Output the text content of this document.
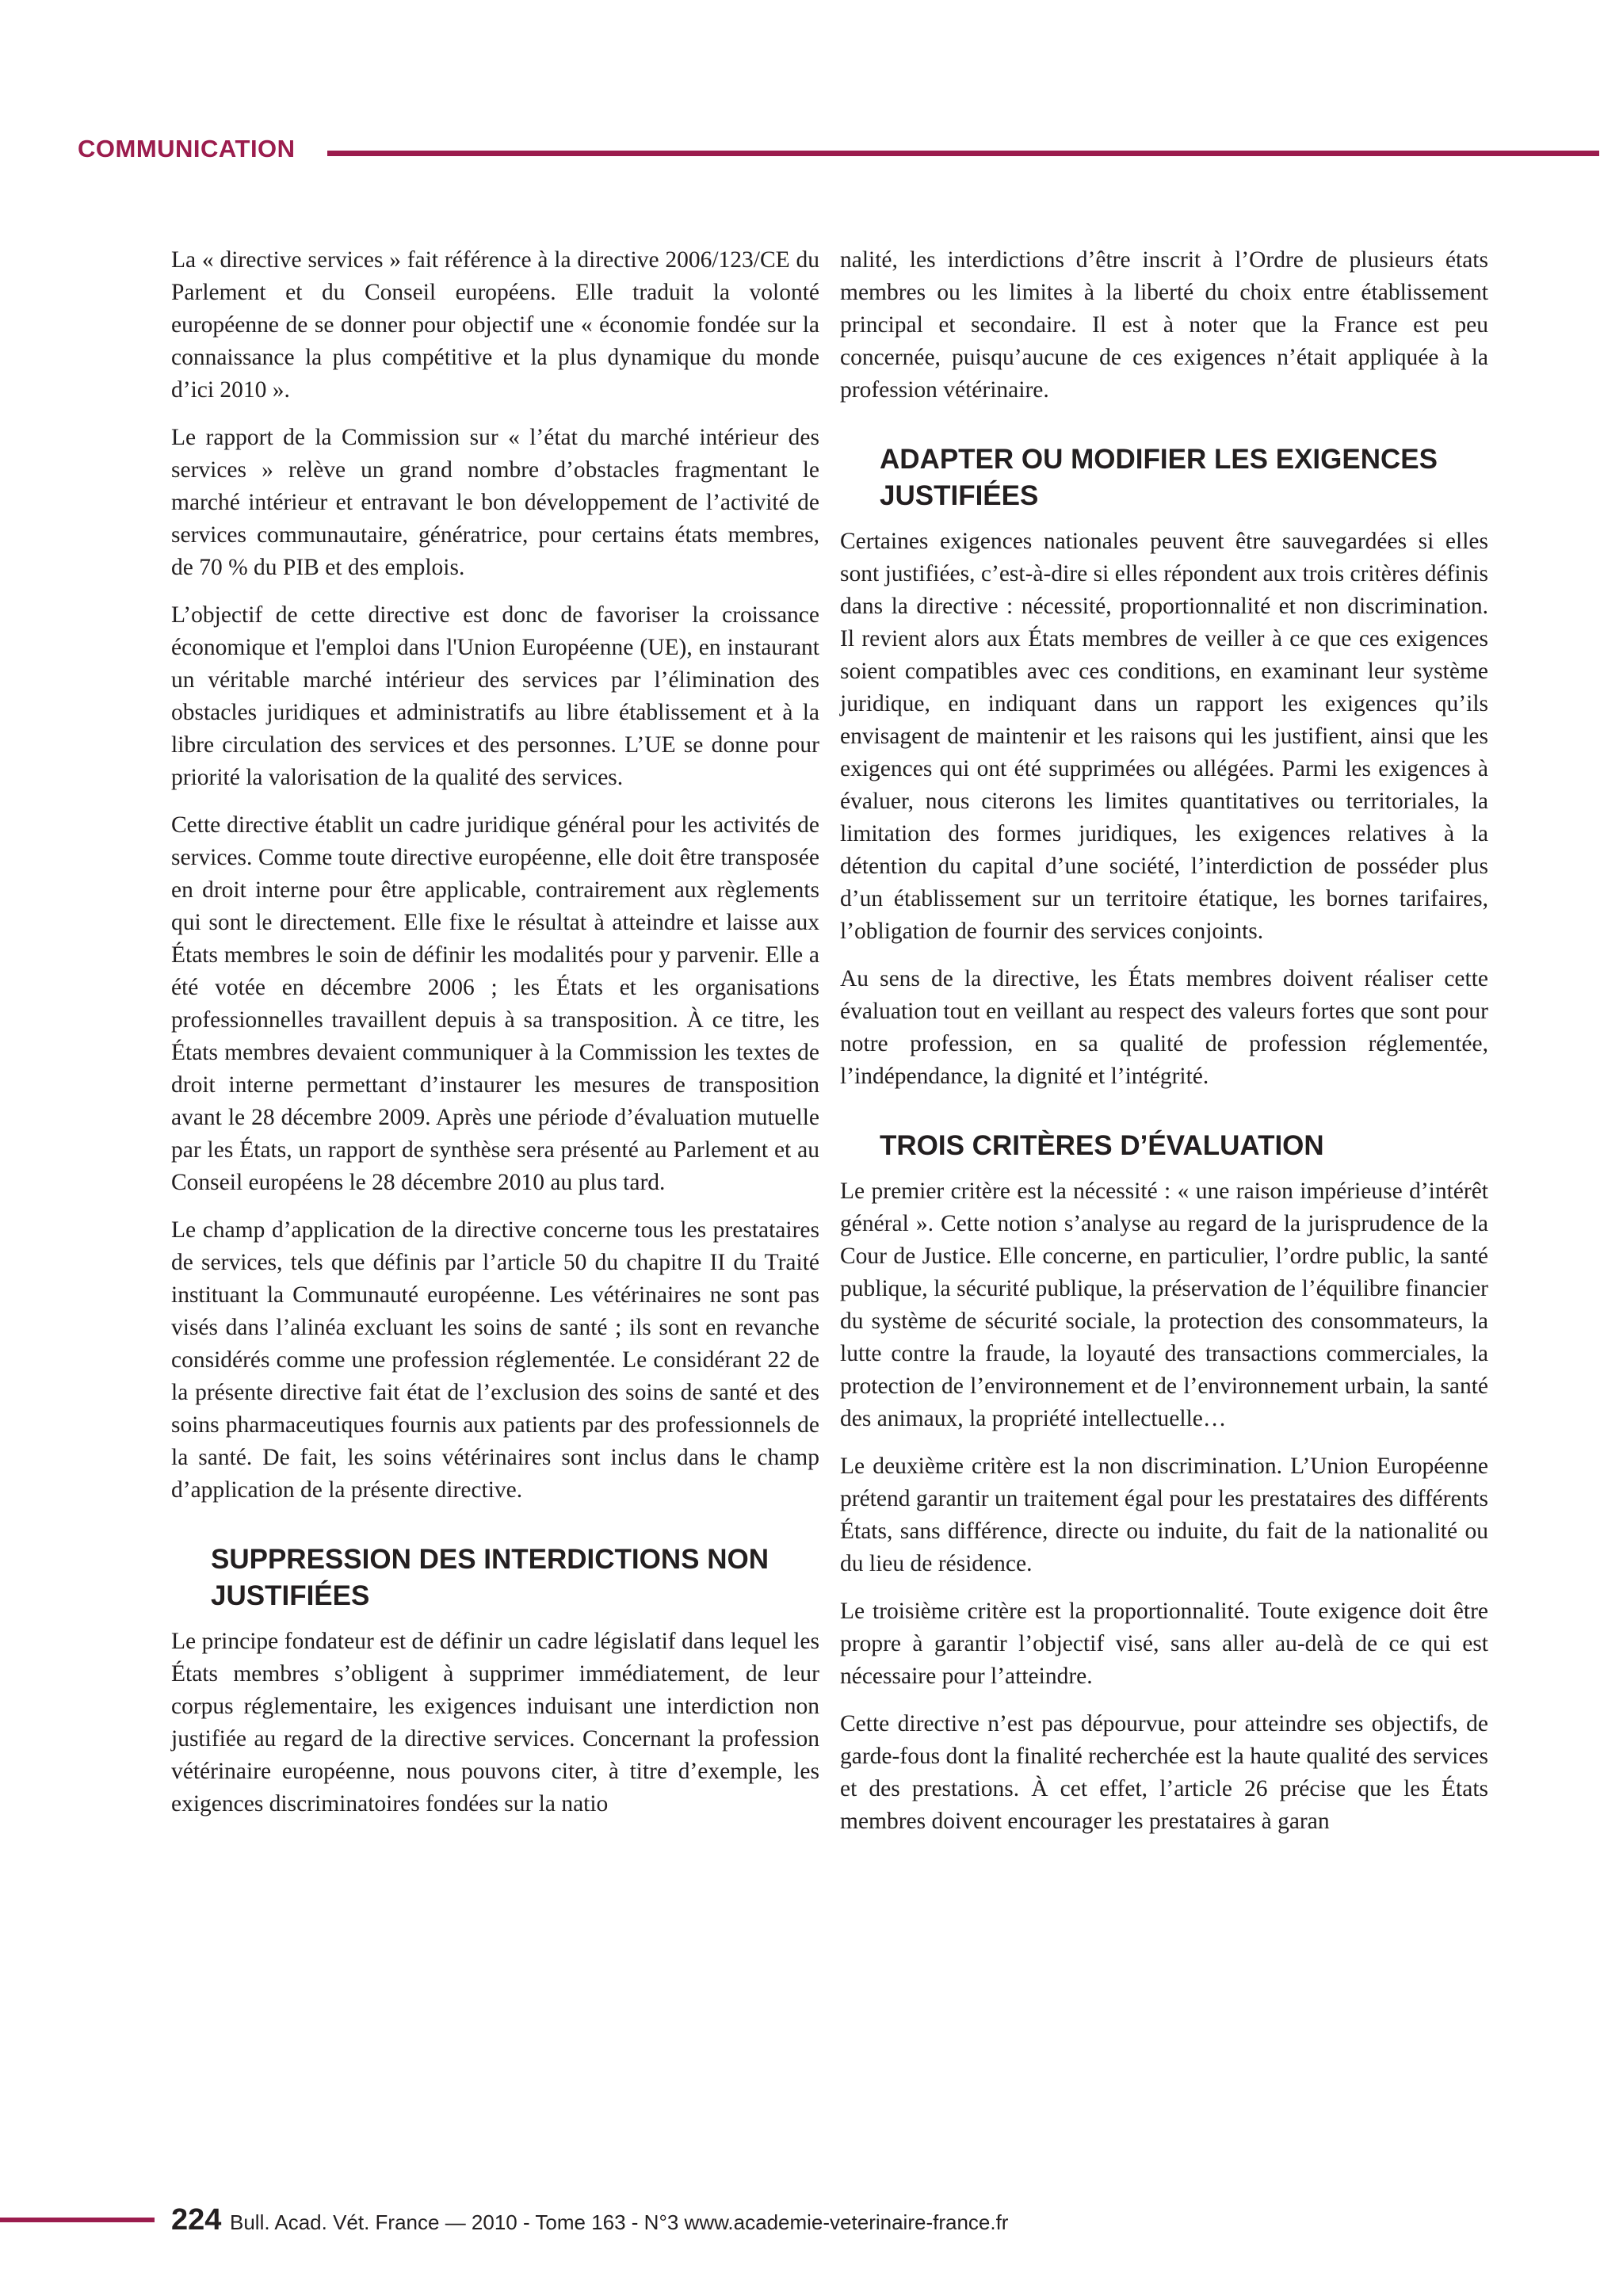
COMMUNICATION

La « directive services » fait référence à la directive 2006/123/CE du Parlement et du Conseil européens. Elle traduit la volonté européenne de se donner pour objectif une « économie fondée sur la connaissance la plus compétitive et la plus dynamique du monde d’ici 2010 ».

Le rapport de la Commission sur « l’état du marché intérieur des services » relève un grand nombre d’obstacles fragmentant le marché intérieur et entravant le bon développement de l’activité de services communautaire, génératrice, pour certains états membres, de 70 % du PIB et des emplois.

L’objectif de cette directive est donc de favoriser la croissance économique et l'emploi dans l'Union Européenne (UE), en instaurant un véritable marché intérieur des services par l’élimination des obstacles juridiques et administratifs au libre établissement et à la libre circulation des services et des personnes. L’UE se donne pour priorité la valorisation de la qualité des services.

Cette directive établit un cadre juridique général pour les activités de services. Comme toute directive européenne, elle doit être transposée en droit interne pour être applicable, contrairement aux règlements qui sont le directement. Elle fixe le résultat à atteindre et laisse aux États membres le soin de définir les modalités pour y parvenir. Elle a été votée en décembre 2006 ; les États et les organisations professionnelles travaillent depuis à sa transposition. À ce titre, les États membres devaient communiquer à la Commission les textes de droit interne permettant d’instaurer les mesures de transposition avant le 28 décembre 2009. Après une période d’évaluation mutuelle par les États, un rapport de synthèse sera présenté au Parlement et au Conseil européens le 28 décembre 2010 au plus tard.

Le champ d’application de la directive concerne tous les prestataires de services, tels que définis par l’article 50 du chapitre II du Traité instituant la Communauté européenne. Les vétérinaires ne sont pas visés dans l’alinéa excluant les soins de santé ; ils sont en revanche considérés comme une profession réglementée. Le considérant 22 de la présente directive fait état de l’exclusion des soins de santé et des soins pharmaceutiques fournis aux patients par des professionnels de la santé. De fait, les soins vétérinaires sont inclus dans le champ d’application de la présente directive.

SUPPRESSION DES INTERDICTIONS NON JUSTIFIÉES

Le principe fondateur est de définir un cadre législatif dans lequel les États membres s’obligent à supprimer immédiatement, de leur corpus réglementaire, les exigences induisant une interdiction non justifiée au regard de la directive services. Concernant la profession vétérinaire européenne, nous pouvons citer, à titre d’exemple, les exigences discriminatoires fondées sur la natio

nalité, les interdictions d’être inscrit à l’Ordre de plusieurs états membres ou les limites à la liberté du choix entre établissement principal et secondaire. Il est à noter que la France est peu concernée, puisqu’aucune de ces exigences n’était appliquée à la profession vétérinaire.

ADAPTER OU MODIFIER LES EXIGENCES JUSTIFIÉES

Certaines exigences nationales peuvent être sauvegardées si elles sont justifiées, c’est-à-dire si elles répondent aux trois critères définis dans la directive : nécessité, proportionnalité et non discrimination. Il revient alors aux États membres de veiller à ce que ces exigences soient compatibles avec ces conditions, en examinant leur système juridique, en indiquant dans un rapport les exigences qu’ils envisagent de maintenir et les raisons qui les justifient, ainsi que les exigences qui ont été supprimées ou allégées. Parmi les exigences à évaluer, nous citerons les limites quantitatives ou territoriales, la limitation des formes juridiques, les exigences relatives à la détention du capital d’une société, l’interdiction de posséder plus d’un établissement sur un territoire étatique, les bornes tarifaires, l’obligation de fournir des services conjoints.

Au sens de la directive, les États membres doivent réaliser cette évaluation tout en veillant au respect des valeurs fortes que sont pour notre profession, en sa qualité de profession réglementée, l’indépendance, la dignité et l’intégrité.

TROIS CRITÈRES D’ÉVALUATION

Le premier critère est la nécessité : « une raison impérieuse d’intérêt général ». Cette notion s’analyse au regard de la jurisprudence de la Cour de Justice. Elle concerne, en particulier, l’ordre public, la santé publique, la sécurité publique, la préservation de l’équilibre financier du système de sécurité sociale, la protection des consommateurs, la lutte contre la fraude, la loyauté des transactions commerciales, la protection de l’environnement et de l’environnement urbain, la santé des animaux, la propriété intellectuelle…

Le deuxième critère est la non discrimination. L’Union Européenne prétend garantir un traitement égal pour les prestataires des différents États, sans différence, directe ou induite, du fait de la nationalité ou du lieu de résidence.

Le troisième critère est la proportionnalité. Toute exigence doit être propre à garantir l’objectif visé, sans aller au-delà de ce qui est nécessaire pour l’atteindre.

Cette directive n’est pas dépourvue, pour atteindre ses objectifs, de garde-fous dont la finalité recherchée est la haute qualité des services et des prestations. À cet effet, l’article 26 précise que les États membres doivent encourager les prestataires à garan

224 Bull. Acad. Vét. France — 2010 - Tome 163 - N°3 www.academie-veterinaire-france.fr
